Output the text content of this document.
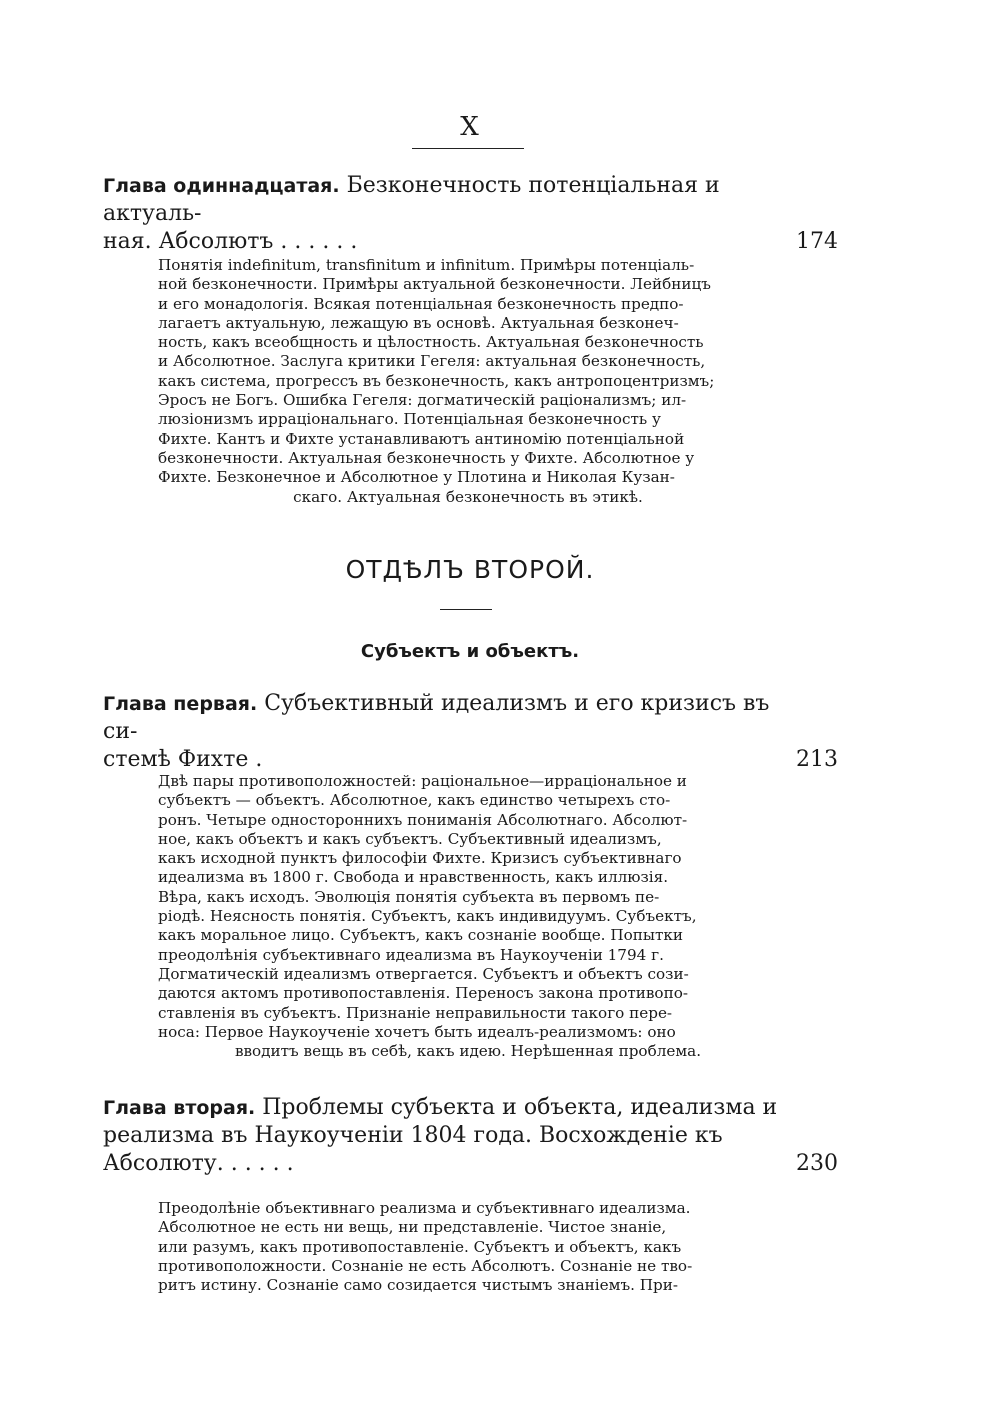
X
Глава одиннадцатая. Безконечность потенціальная и актуаль-
ная. Абсолютъ . . . . . .	174
Понятія indefinitum, transfinitum и infinitum. Примѣры потенціаль-
ной безконечности. Примѣры актуальной безконечности. Лейбницъ
и его монадологія. Всякая потенціальная безконечность предпо-
лагаетъ актуальную, лежащую въ основѣ. Актуальная безконеч-
ность, какъ всеобщность и цѣлостность. Актуальная безконечность
и Абсолютное. Заслуга критики Гегеля: актуальная безконечность,
какъ система, прогрессъ въ безконечность, какъ антропоцентризмъ;
Эросъ не Богъ. Ошибка Гегеля: догматическій раціонализмъ; ил-
люзіонизмъ ирраціональнаго. Потенціальная безконечность у
Фихте. Кантъ и Фихте устанавливаютъ антиномію потенціальной
безконечности. Актуальная безконечность у Фихте. Абсолютное у
Фихте. Безконечное и Абсолютное у Плотина и Николая Кузан-
скаго. Актуальная безконечность въ этикѣ.
ОТДѢЛЪ ВТОРОЙ.
Субъектъ и объектъ.
Глава первая. Субъективный идеализмъ и его кризисъ въ си-
стемѣ Фихте .	213
Двѣ пары противоположностей: раціональное—ирраціональное и
субъектъ — объектъ. Абсолютное, какъ единство четырехъ сто-
ронъ. Четыре одностороннихъ пониманія Абсолютнаго. Абсолют-
ное, какъ объектъ и какъ субъектъ. Субъективный идеализмъ,
какъ исходной пунктъ философіи Фихте. Кризисъ субъективнаго
идеализма въ 1800 г. Свобода и нравственность, какъ иллюзія.
Вѣра, какъ исходъ. Эволюція понятія субъекта въ первомъ пе-
ріодѣ. Неясность понятія. Субъектъ, какъ индивидуумъ. Субъектъ,
какъ моральное лицо. Субъектъ, какъ сознаніе вообще. Попытки
преодолѣнія субъективнаго идеализма въ Наукоученіи 1794 г.
Догматическій идеализмъ отвергается. Субъектъ и объектъ сози-
даются актомъ противопоставленія. Переносъ закона противопо-
ставленія въ субъектъ. Признаніе неправильности такого пере-
носа: Первое Наукоученіе хочетъ быть идеалъ-реализмомъ: оно
вводитъ вещь въ себѣ, какъ идею. Нерѣшенная проблема.
Глава вторая. Проблемы субъекта и объекта, идеализма и
реализма въ Наукоученіи 1804 года. Восхожденіе къ
Абсолюту. . . . . .	230
Преодолѣніе объективнаго реализма и субъективнаго идеализма.
Абсолютное не есть ни вещь, ни представленіе. Чистое знаніе,
или разумъ, какъ противопоставленіе. Субъектъ и объектъ, какъ
противоположности. Сознаніе не есть Абсолютъ. Сознаніе не тво-
ритъ истину. Сознаніе само созидается чистымъ знаніемъ. При-
